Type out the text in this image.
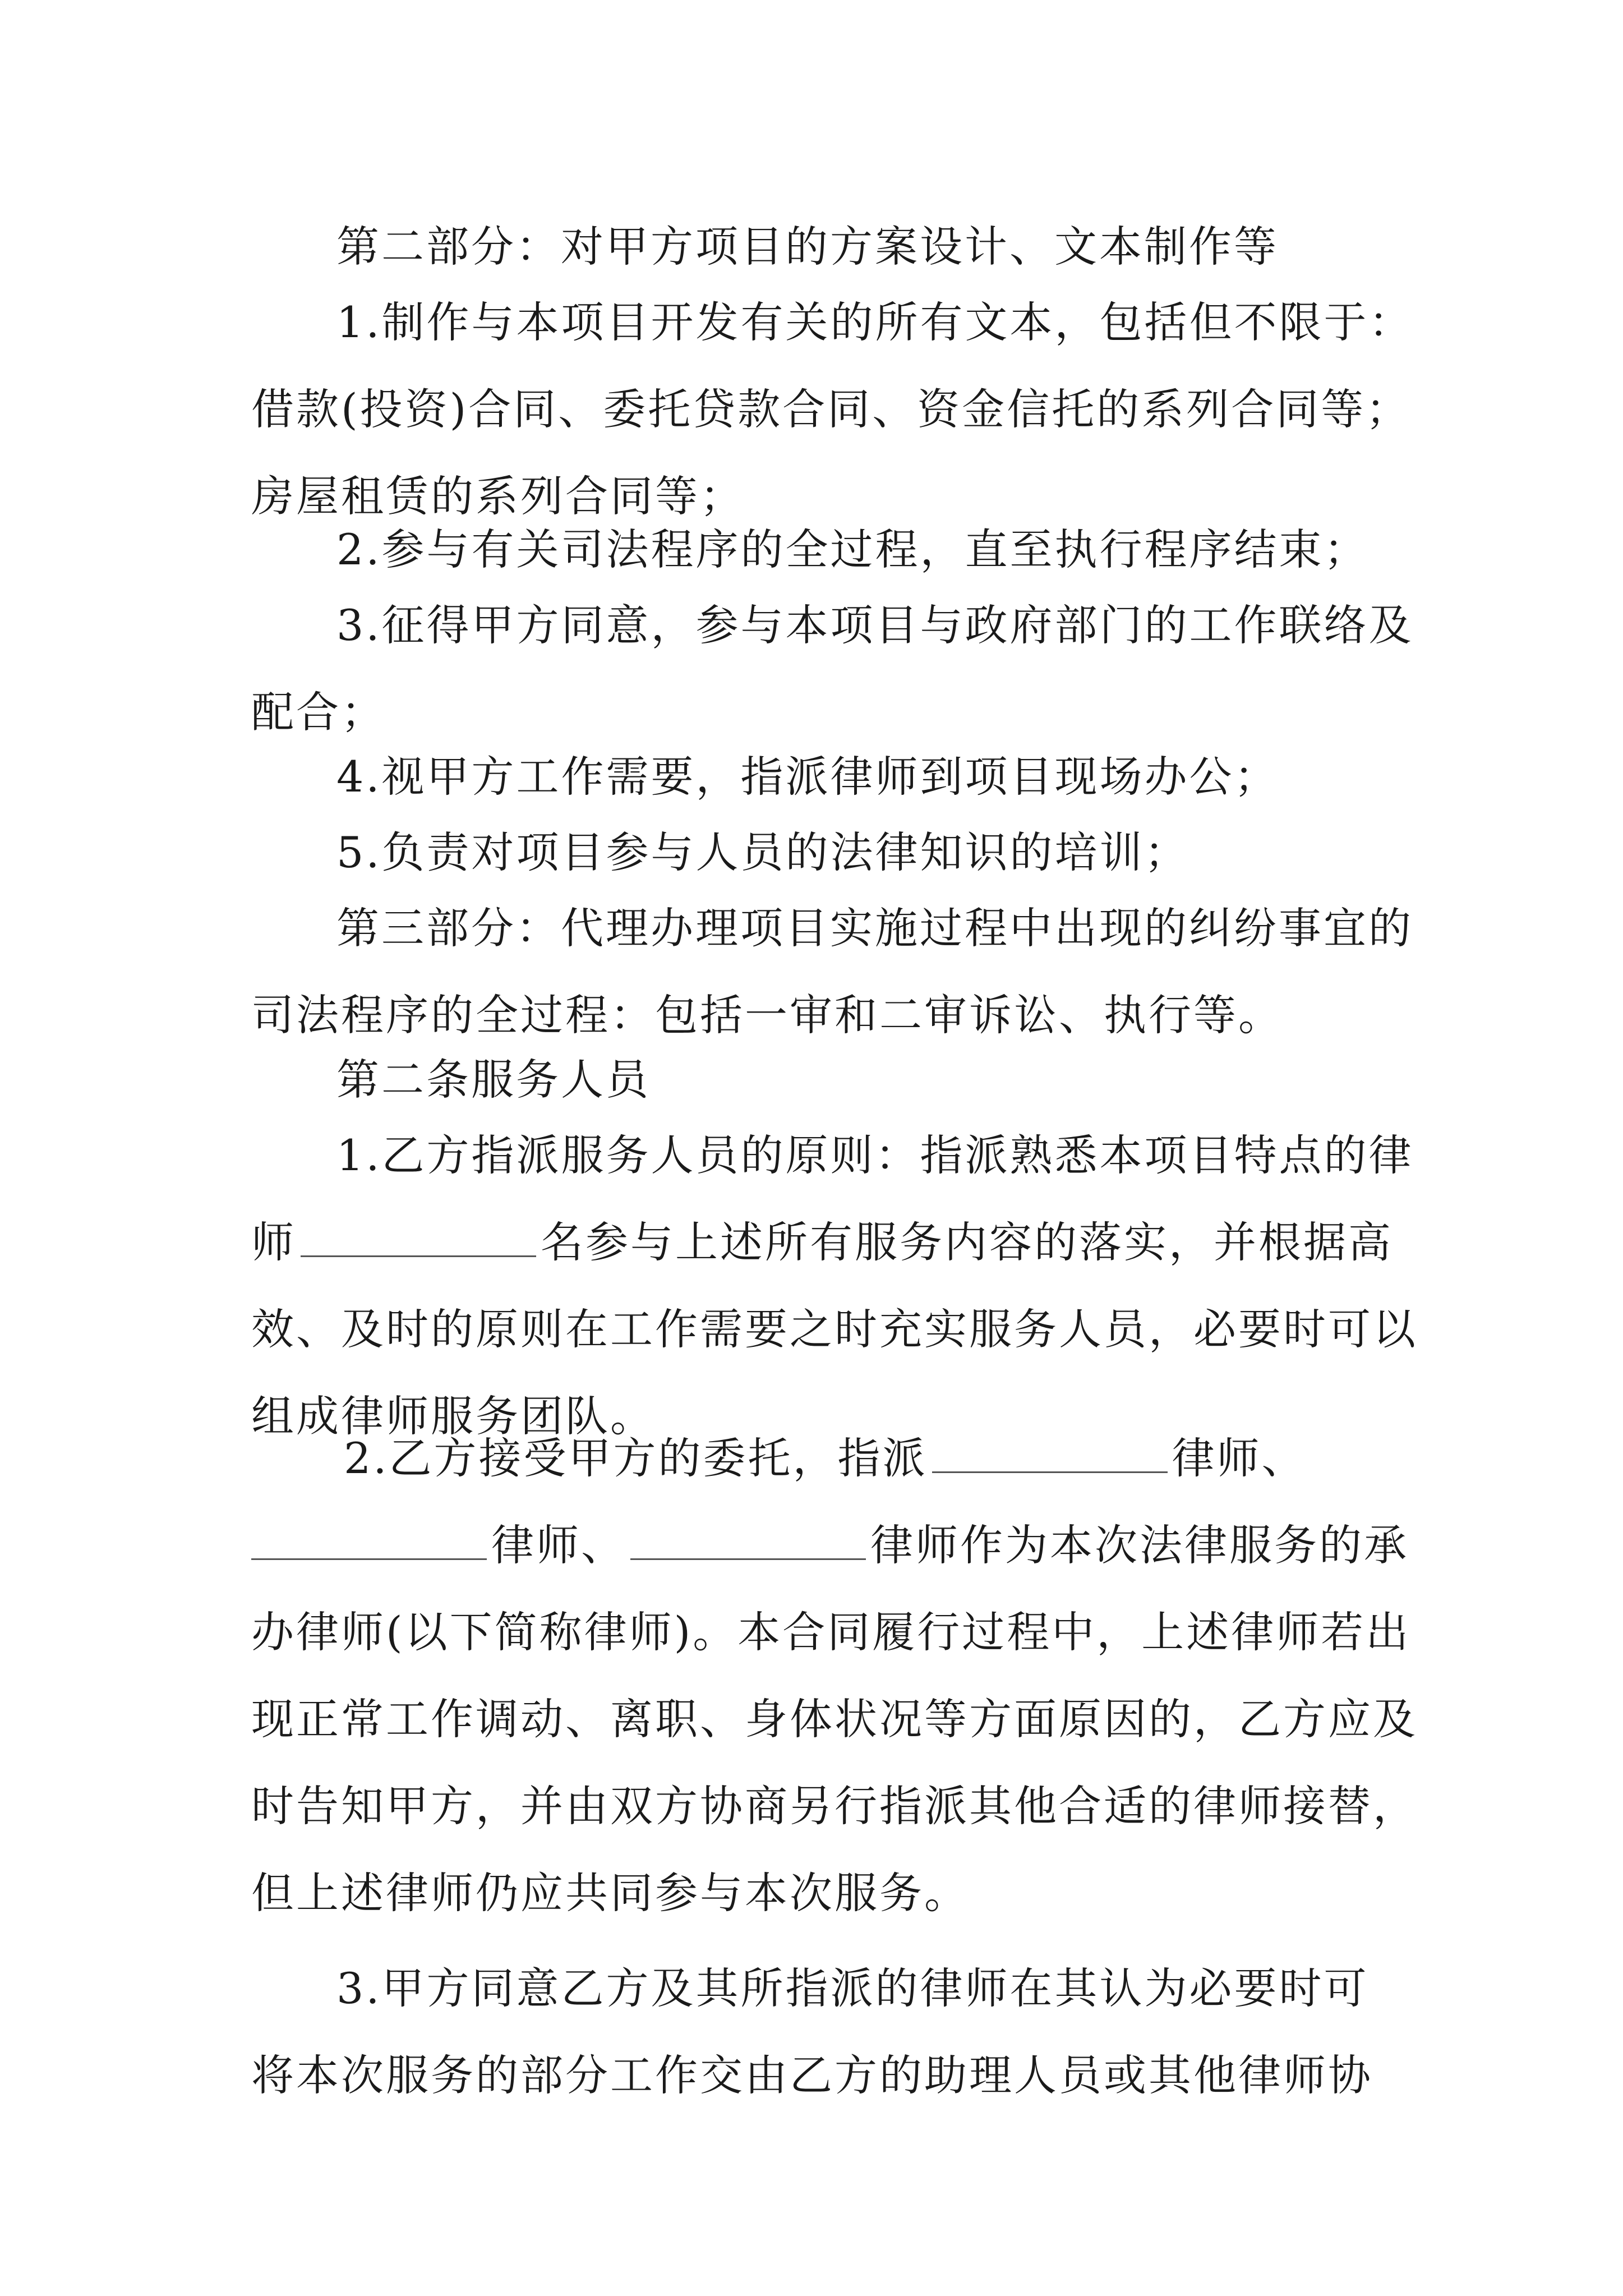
第二部分：对甲方项目的方案设计、文本制作等
1.制作与本项目开发有关的所有文本，包括但不限于：
借款(投资)合同、委托贷款合同、资金信托的系列合同等；
房屋租赁的系列合同等；
2.参与有关司法程序的全过程，直至执行程序结束；
3.征得甲方同意，参与本项目与政府部门的工作联络及
配合；
4.视甲方工作需要，指派律师到项目现场办公；
5.负责对项目参与人员的法律知识的培训；
第三部分：代理办理项目实施过程中出现的纠纷事宜的
司法程序的全过程：包括一审和二审诉讼、执行等。
第二条服务人员
1.乙方指派服务人员的原则：指派熟悉本项目特点的律
师	名参与上述所有服务内容的落实，并根据高
效、及时的原则在工作需要之时充实服务人员，必要时可以
组成律师服务团队。
2.乙方接受甲方的委托，指派	律师、
律师、	律师作为本次法律服务的承
办律师(以下简称律师)。本合同履行过程中，上述律师若出
现正常工作调动、离职、身体状况等方面原因的，乙方应及
时告知甲方，并由双方协商另行指派其他合适的律师接替，
但上述律师仍应共同参与本次服务。
3.甲方同意乙方及其所指派的律师在其认为必要时可
将本次服务的部分工作交由乙方的助理人员或其他律师协
